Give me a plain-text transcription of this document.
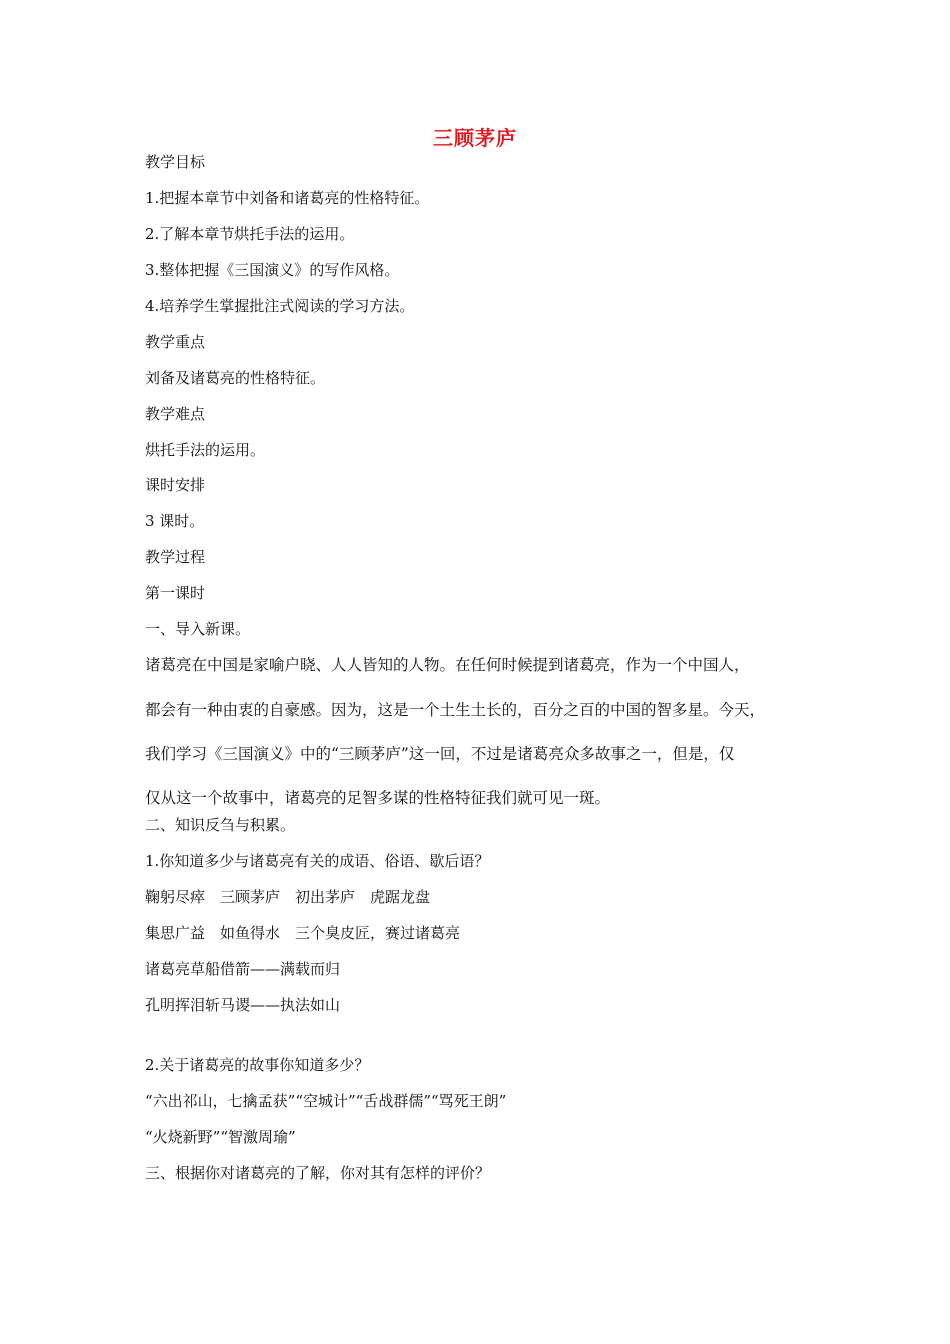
三顾茅庐

教学目标

1.把握本章节中刘备和诸葛亮的性格特征。

2.了解本章节烘托手法的运用。

3.整体把握《三国演义》的写作风格。

4.培养学生掌握批注式阅读的学习方法。

教学重点

刘备及诸葛亮的性格特征。

教学难点

烘托手法的运用。

课时安排

3 课时。

教学过程

第一课时

一、导入新课。

诸葛亮在中国是家喻户晓、人人皆知的人物。在任何时候提到诸葛亮，作为一个中国人，
都会有一种由衷的自豪感。因为，这是一个土生土长的，百分之百的中国的智多星。今天，
我们学习《三国演义》中的“三顾茅庐”这一回，不过是诸葛亮众多故事之一，但是，仅
仅从这一个故事中，诸葛亮的足智多谋的性格特征我们就可见一斑。

二、知识反刍与积累。

1.你知道多少与诸葛亮有关的成语、俗语、歇后语？

鞠躬尽瘁　三顾茅庐　初出茅庐　虎踞龙盘

集思广益　如鱼得水　三个臭皮匠，赛过诸葛亮

诸葛亮草船借箭——满载而归

孔明挥泪斩马谡——执法如山

2.关于诸葛亮的故事你知道多少？

“六出祁山，七擒孟获”“空城计”“舌战群儒”“骂死王朗”

“火烧新野”“智激周瑜”

三、根据你对诸葛亮的了解，你对其有怎样的评价？
